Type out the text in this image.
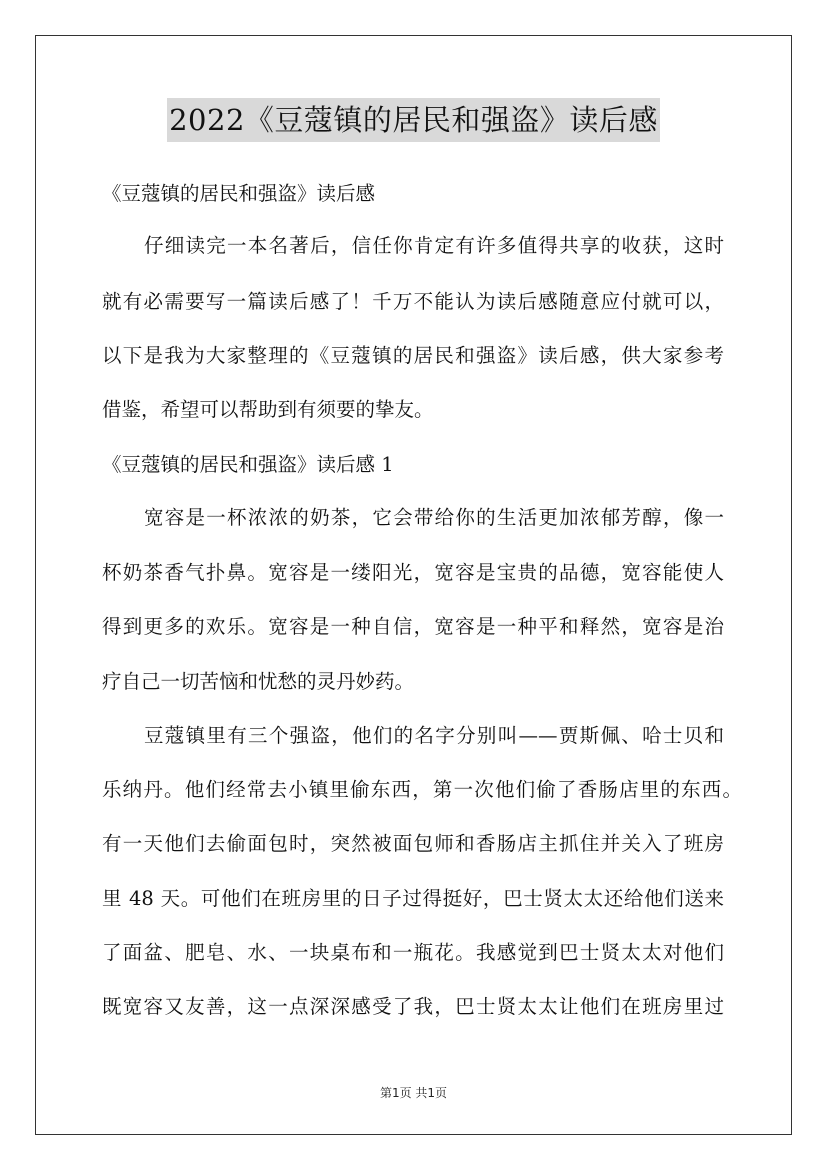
2022《豆蔻镇的居民和强盗》读后感
《豆蔻镇的居民和强盗》读后感
仔细读完一本名著后，信任你肯定有许多值得共享的收获，这时
就有必需要写一篇读后感了！千万不能认为读后感随意应付就可以，
以下是我为大家整理的《豆蔻镇的居民和强盗》读后感，供大家参考
借鉴，希望可以帮助到有须要的挚友。
《豆蔻镇的居民和强盗》读后感 1
宽容是一杯浓浓的奶茶，它会带给你的生活更加浓郁芳醇，像一
杯奶茶香气扑鼻。宽容是一缕阳光，宽容是宝贵的品德，宽容能使人
得到更多的欢乐。宽容是一种自信，宽容是一种平和释然，宽容是治
疗自己一切苦恼和忧愁的灵丹妙药。
豆蔻镇里有三个强盗，他们的名字分别叫——贾斯佩、哈士贝和
乐纳丹。他们经常去小镇里偷东西，第一次他们偷了香肠店里的东西。
有一天他们去偷面包时，突然被面包师和香肠店主抓住并关入了班房
里 48 天。可他们在班房里的日子过得挺好，巴士贤太太还给他们送来
了面盆、肥皂、水、一块桌布和一瓶花。我感觉到巴士贤太太对他们
既宽容又友善，这一点深深感受了我，巴士贤太太让他们在班房里过
第1页 共1页
